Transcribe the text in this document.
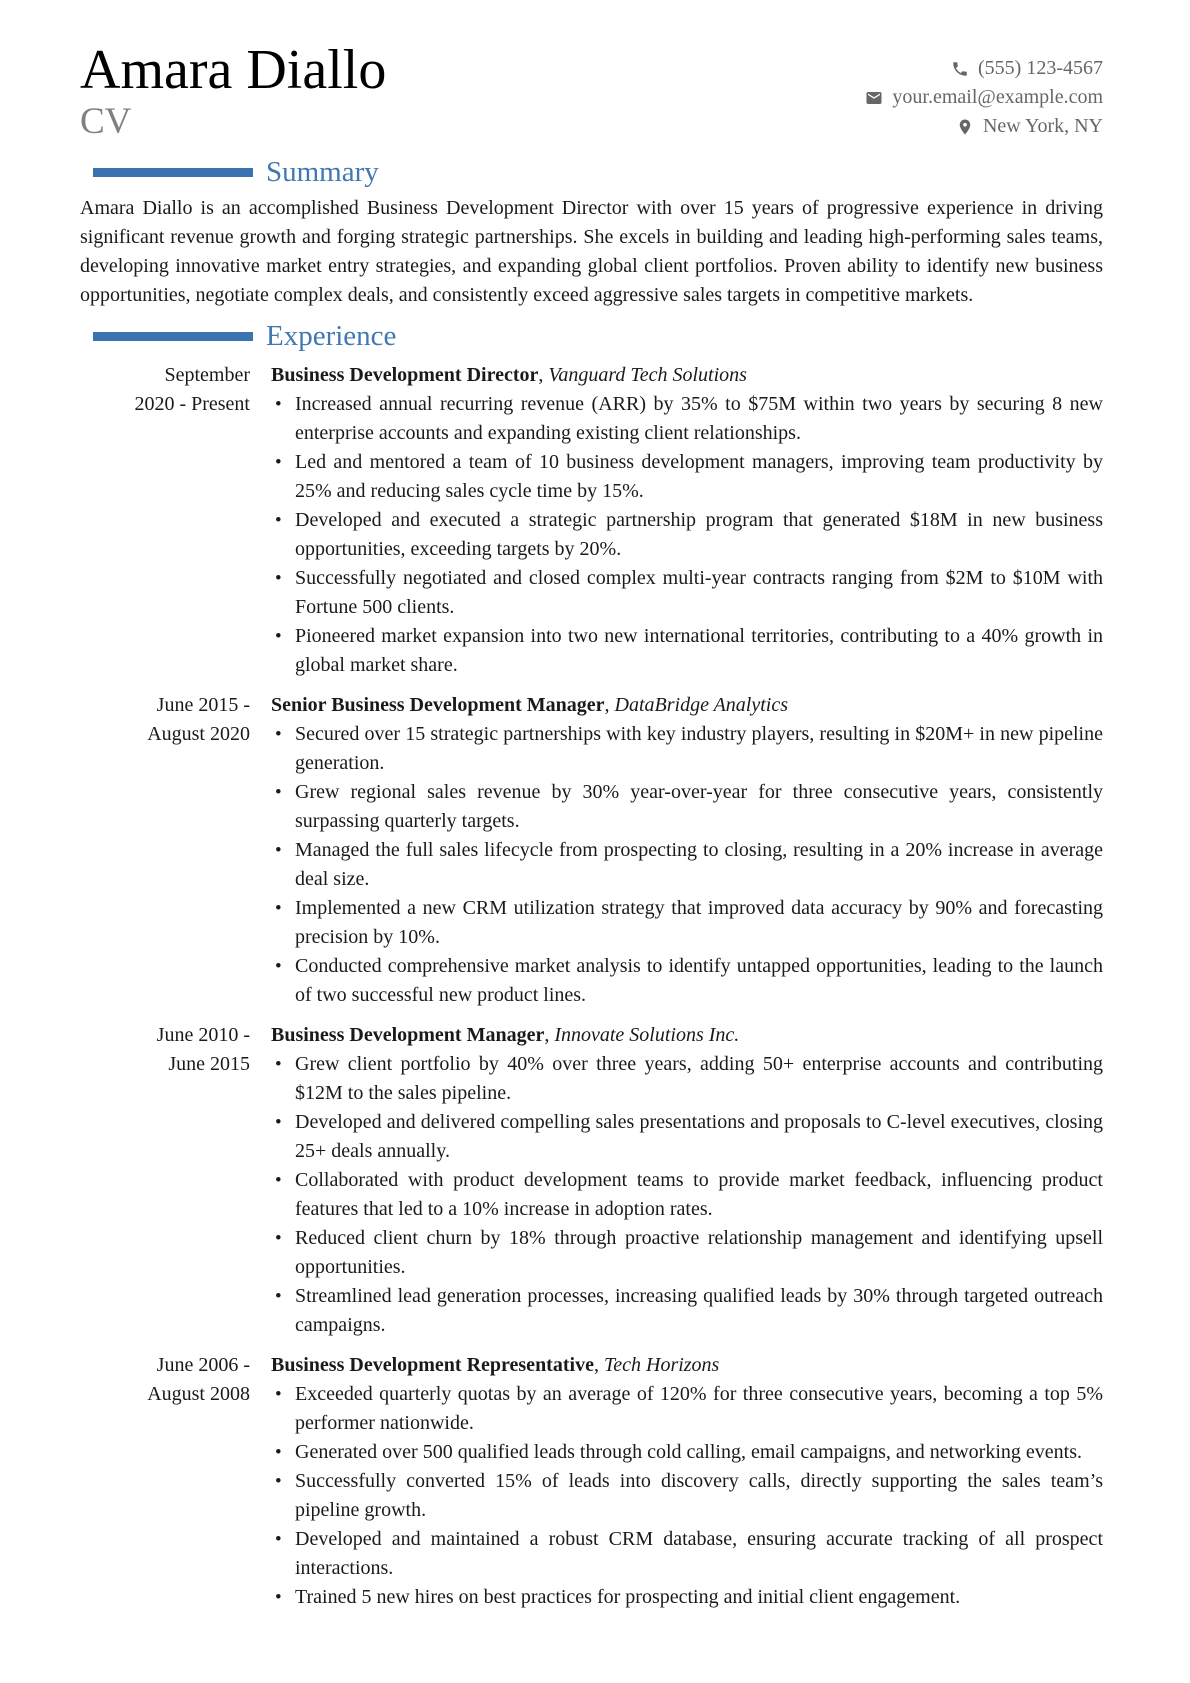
Amara Diallo
CV
(555) 123-4567
your.email@example.com
New York, NY
Summary

Amara Diallo is an accomplished Business Development Director with over 15 years of progressive experience in driving significant revenue growth and forging strategic partnerships. She excels in building and leading high-performing sales teams, developing innovative market entry strategies, and expanding global client portfolios. Proven ability to identify new business opportunities, negotiate complex deals, and consistently exceed aggressive sales targets in competitive markets.

Experience
September
2020 - Present
Business Development Director, Vanguard Tech Solutions
• Increased annual recurring revenue (ARR) by 35% to $75M within two years by securing 8 new enterprise accounts and expanding existing client relationships.
• Led and mentored a team of 10 business development managers, improving team productivity by 25% and reducing sales cycle time by 15%.
• Developed and executed a strategic partnership program that generated $18M in new business opportunities, exceeding targets by 20%.
• Successfully negotiated and closed complex multi-year contracts ranging from $2M to $10M with Fortune 500 clients.
• Pioneered market expansion into two new international territories, contributing to a 40% growth in global market share.
June 2015 -
August 2020
Senior Business Development Manager, DataBridge Analytics
• Secured over 15 strategic partnerships with key industry players, resulting in $20M+ in new pipeline generation.
• Grew regional sales revenue by 30% year-over-year for three consecutive years, consistently surpassing quarterly targets.
• Managed the full sales lifecycle from prospecting to closing, resulting in a 20% increase in average deal size.
• Implemented a new CRM utilization strategy that improved data accuracy by 90% and forecasting precision by 10%.
• Conducted comprehensive market analysis to identify untapped opportunities, leading to the launch of two successful new product lines.
June 2010 -
June 2015
Business Development Manager, Innovate Solutions Inc.
• Grew client portfolio by 40% over three years, adding 50+ enterprise accounts and contributing $12M to the sales pipeline.
• Developed and delivered compelling sales presentations and proposals to C-level executives, closing 25+ deals annually.
• Collaborated with product development teams to provide market feedback, influencing product features that led to a 10% increase in adoption rates.
• Reduced client churn by 18% through proactive relationship management and identifying upsell opportunities.
• Streamlined lead generation processes, increasing qualified leads by 30% through targeted outreach campaigns.
June 2006 -
August 2008
Business Development Representative, Tech Horizons
• Exceeded quarterly quotas by an average of 120% for three consecutive years, becoming a top 5% performer nationwide.
• Generated over 500 qualified leads through cold calling, email campaigns, and networking events.
• Successfully converted 15% of leads into discovery calls, directly supporting the sales team’s pipeline growth.
• Developed and maintained a robust CRM database, ensuring accurate tracking of all prospect interactions.
• Trained 5 new hires on best practices for prospecting and initial client engagement.
